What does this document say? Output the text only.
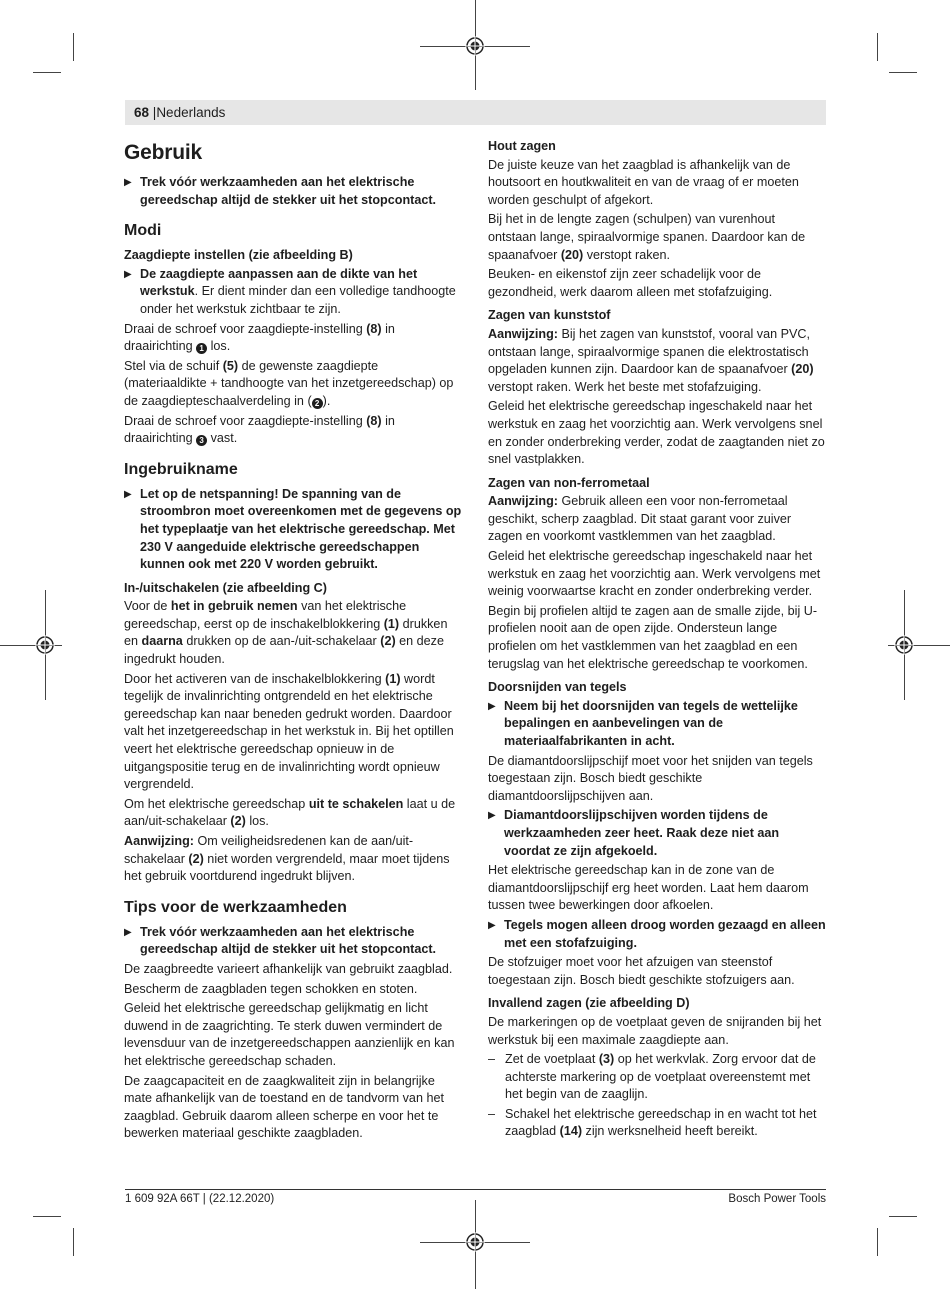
68 |Nederlands
Gebruik
▶ Trek vóór werkzaamheden aan het elektrische gereedschap altijd de stekker uit het stopcontact.
Modi
Zaagdiepte instellen (zie afbeelding B)
▶ De zaagdiepte aanpassen aan de dikte van het werkstuk. Er dient minder dan een volledige tandhoogte onder het werkstuk zichtbaar te zijn.

Draai de schroef voor zaagdiepte-instelling (8) in draairichting 1 los.

Stel via de schuif (5) de gewenste zaagdiepte (materiaaldikte + tandhoogte van het inzetgereedschap) op de zaagdiepteschaalverdeling in ( 2 ).

Draai de schroef voor zaagdiepte-instelling (8) in draairichting 3 vast.

Ingebruikname
▶ Let op de netspanning! De spanning van de stroombron moet overeenkomen met de gegevens op het typeplaatje van het elektrische gereedschap. Met 230 V aangeduide elektrische gereedschappen kunnen ook met 220 V worden gebruikt.
In-/uitschakelen (zie afbeelding C)

Voor de het in gebruik nemen van het elektrische gereedschap, eerst op de inschakelblokkering (1) drukken en daarna drukken op de aan-/uit-schakelaar (2) en deze ingedrukt houden.

Door het activeren van de inschakelblokkering (1) wordt tegelijk de invalinrichting ontgrendeld en het elektrische gereedschap kan naar beneden gedrukt worden. Daardoor valt het inzetgereedschap in het werkstuk in. Bij het optillen veert het elektrische gereedschap opnieuw in de uitgangspositie terug en de invalinrichting wordt opnieuw vergrendeld.

Om het elektrische gereedschap uit te schakelen laat u de aan/uit-schakelaar (2) los.

Aanwijzing: Om veiligheidsredenen kan de aan/uit-schakelaar (2) niet worden vergrendeld, maar moet tijdens het gebruik voortdurend ingedrukt blijven.

Tips voor de werkzaamheden
▶ Trek vóór werkzaamheden aan het elektrische gereedschap altijd de stekker uit het stopcontact.

De zaagbreedte varieert afhankelijk van gebruikt zaagblad.

Bescherm de zaagbladen tegen schokken en stoten.

Geleid het elektrische gereedschap gelijkmatig en licht duwend in de zaagrichting. Te sterk duwen vermindert de levensduur van de inzetgereedschappen aanzienlijk en kan het elektrische gereedschap schaden.

De zaagcapaciteit en de zaagkwaliteit zijn in belangrijke mate afhankelijk van de toestand en de tandvorm van het zaagblad. Gebruik daarom alleen scherpe en voor het te bewerken materiaal geschikte zaagbladen.

Hout zagen

De juiste keuze van het zaagblad is afhankelijk van de houtsoort en houtkwaliteit en van de vraag of er moeten worden geschulpt of afgekort.

Bij het in de lengte zagen (schulpen) van vurenhout ontstaan lange, spiraalvormige spanen. Daardoor kan de spaanafvoer (20) verstopt raken.

Beuken- en eikenstof zijn zeer schadelijk voor de gezondheid, werk daarom alleen met stofafzuiging.

Zagen van kunststof

Aanwijzing: Bij het zagen van kunststof, vooral van PVC, ontstaan lange, spiraalvormige spanen die elektrostatisch opgeladen kunnen zijn. Daardoor kan de spaanafvoer (20) verstopt raken. Werk het beste met stofafzuiging.

Geleid het elektrische gereedschap ingeschakeld naar het werkstuk en zaag het voorzichtig aan. Werk vervolgens snel en zonder onderbreking verder, zodat de zaagtanden niet zo snel vastplakken.

Zagen van non-ferrometaal

Aanwijzing: Gebruik alleen een voor non-ferrometaal geschikt, scherp zaagblad. Dit staat garant voor zuiver zagen en voorkomt vastklemmen van het zaagblad.

Geleid het elektrische gereedschap ingeschakeld naar het werkstuk en zaag het voorzichtig aan. Werk vervolgens met weinig voorwaartse kracht en zonder onderbreking verder.

Begin bij profielen altijd te zagen aan de smalle zijde, bij U-profielen nooit aan de open zijde. Ondersteun lange profielen om het vastklemmen van het zaagblad en een terugslag van het elektrische gereedschap te voorkomen.

Doorsnijden van tegels
▶ Neem bij het doorsnijden van tegels de wettelijke bepalingen en aanbevelingen van de materiaalfabrikanten in acht.

De diamantdoorslijpschijf moet voor het snijden van tegels toegestaan zijn. Bosch biedt geschikte diamantdoorslijpschijven aan.

▶ Diamantdoorslijpschijven worden tijdens de werkzaamheden zeer heet. Raak deze niet aan voordat ze zijn afgekoeld.

Het elektrische gereedschap kan in de zone van de diamantdoorslijpschijf erg heet worden. Laat hem daarom tussen twee bewerkingen door afkoelen.

▶ Tegels mogen alleen droog worden gezaagd en alleen met een stofafzuiging.

De stofzuiger moet voor het afzuigen van steenstof toegestaan zijn. Bosch biedt geschikte stofzuigers aan.

Invallend zagen (zie afbeelding D)

De markeringen op de voetplaat geven de snijranden bij het werkstuk bij een maximale zaagdiepte aan.

– Zet de voetplaat (3) op het werkvlak. Zorg ervoor dat de achterste markering op de voetplaat overeenstemt met het begin van de zaaglijn.
– Schakel het elektrische gereedschap in en wacht tot het zaagblad (14) zijn werksnelheid heeft bereikt.
1 609 92A 66T | (22.12.2020)	Bosch Power Tools
